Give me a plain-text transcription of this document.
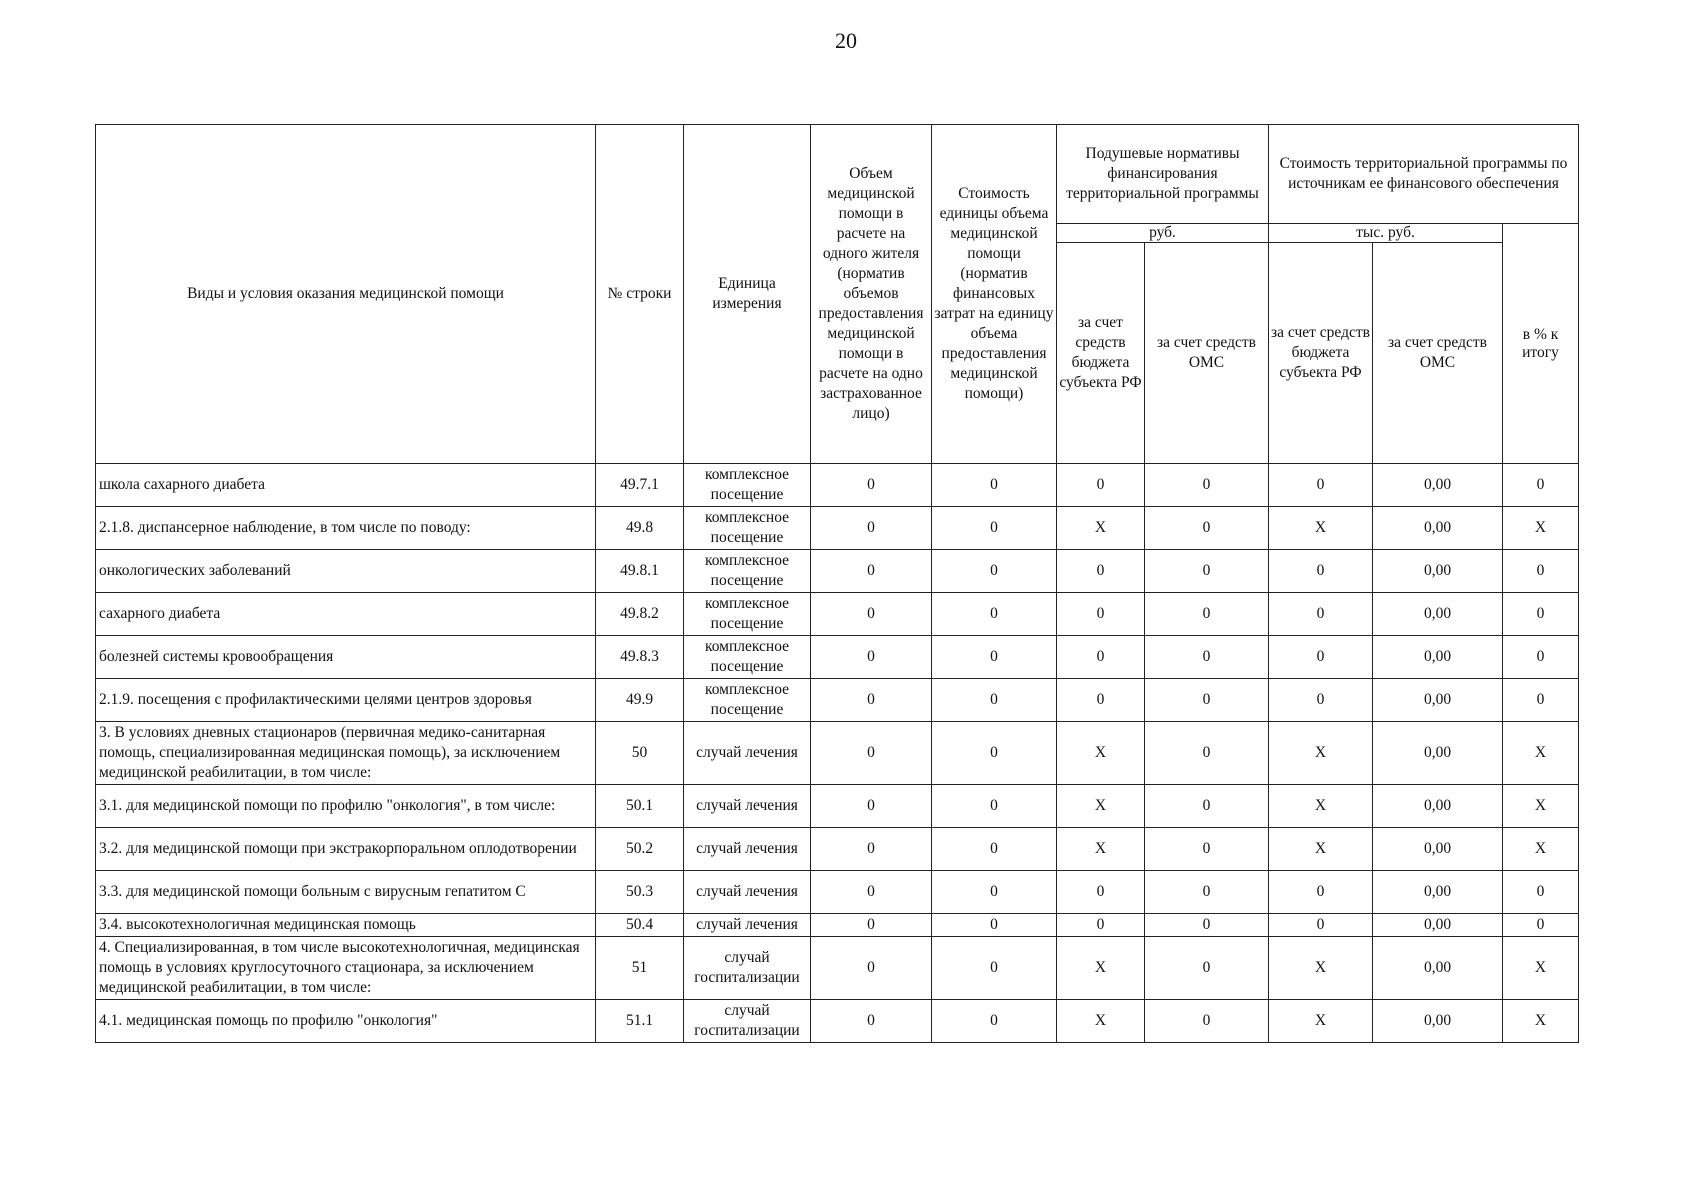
20
Виды и условия оказания медицинской помощи	№ строки	Единица измерения	Объем медицинской помощи в расчете на одного жителя (норматив объемов предоставления медицинской помощи в расчете на одно застрахованное лицо)	Стоимость единицы объема медицинской помощи (норматив финансовых затрат на единицу объема предоставления медицинской помощи)	Подушевые нормативы финансирования территориальной программы		Стоимость территориальной программы по источникам ее финансового обеспечения		
					руб.		тыс. руб.		в % к итогу
					за счет средств бюджета субъекта РФ	за счет средств ОМС	за счет средств бюджета субъекта РФ	за счет средств ОМС	
школа сахарного диабета	49.7.1	комплексное посещение	0	0	0	0	0	0,00	0
2.1.8. диспансерное наблюдение, в том числе по поводу:	49.8	комплексное посещение	0	0	X	0	X	0,00	X
онкологических заболеваний	49.8.1	комплексное посещение	0	0	0	0	0	0,00	0
сахарного диабета	49.8.2	комплексное посещение	0	0	0	0	0	0,00	0
болезней системы кровообращения	49.8.3	комплексное посещение	0	0	0	0	0	0,00	0
2.1.9. посещения с профилактическими целями центров здоровья	49.9	комплексное посещение	0	0	0	0	0	0,00	0
3. В условиях дневных стационаров (первичная медико-санитарная помощь, специализированная медицинская помощь), за исключением медицинской реабилитации, в том числе:	50	случай лечения	0	0	X	0	X	0,00	X
3.1. для медицинской помощи по профилю "онкология", в том числе:	50.1	случай лечения	0	0	X	0	X	0,00	X
3.2. для медицинской помощи при экстракорпоральном оплодотворении	50.2	случай лечения	0	0	X	0	X	0,00	X
3.3. для медицинской помощи больным с вирусным гепатитом С	50.3	случай лечения	0	0	0	0	0	0,00	0
3.4. высокотехнологичная медицинская помощь	50.4	случай лечения	0	0	0	0	0	0,00	0
4. Специализированная, в том числе высокотехнологичная, медицинская помощь в условиях круглосуточного стационара, за исключением медицинской реабилитации, в том числе:	51	случай госпитализации	0	0	X	0	X	0,00	X
4.1. медицинская помощь по профилю "онкология"	51.1	случай госпитализации	0	0	X	0	X	0,00	X
